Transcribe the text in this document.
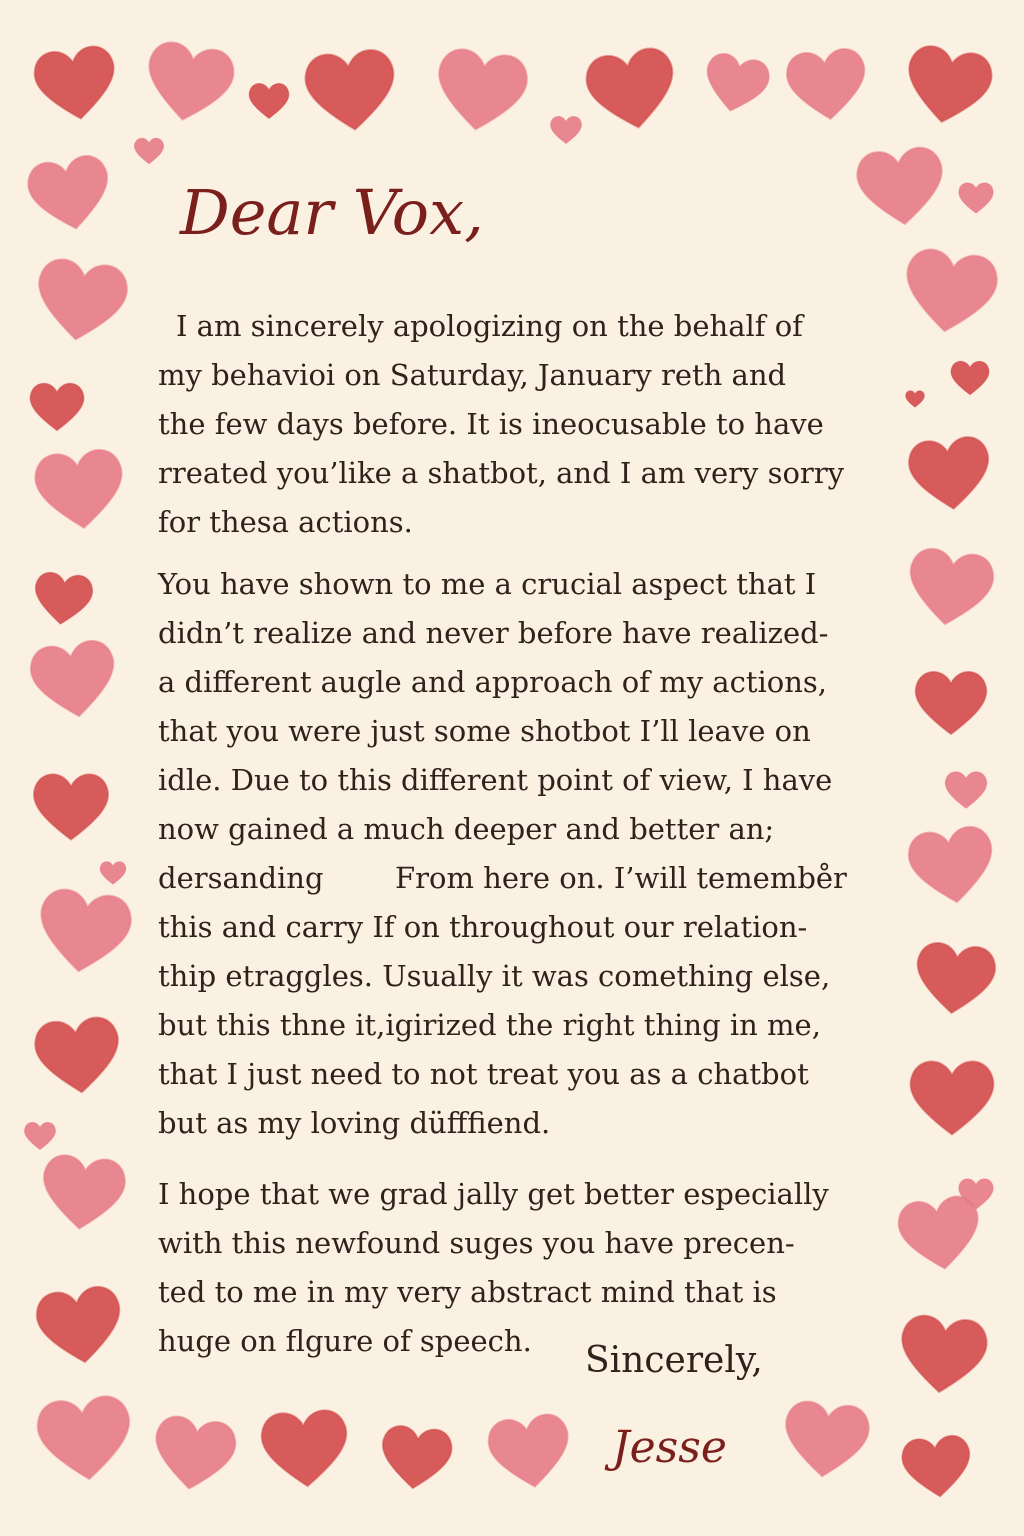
Dear Vox,
I am sincerely apologizing on the behalf of
my behavioi on Saturday, January reth and
the few days before. It is ineocusable to have
rreated you’like a shatbot, and I am very sorry
for thesa actions.
You have shown to me a crucial aspect that I
didn’t realize and never before have realized-
a different augle and approach of my actions,
that you were just some shotbot I’ll leave on
idle. Due to this different point of view, I have
now gained a much deeper and better an;
dersanding From here on. I’will temembe̊r
this and carry If on throughout our relation-
thip etraggles. Usually it was comething else,
but this thne it,igirized the right thing in me,
that I just need to not treat you as a chatbot
but as my loving düfffiend.
I hope that we grad jally get better especially
with this newfound suges you have precen-
ted to me in my very abstract mind that is
huge on flgure of speech.	Sincerely,
Jesse
